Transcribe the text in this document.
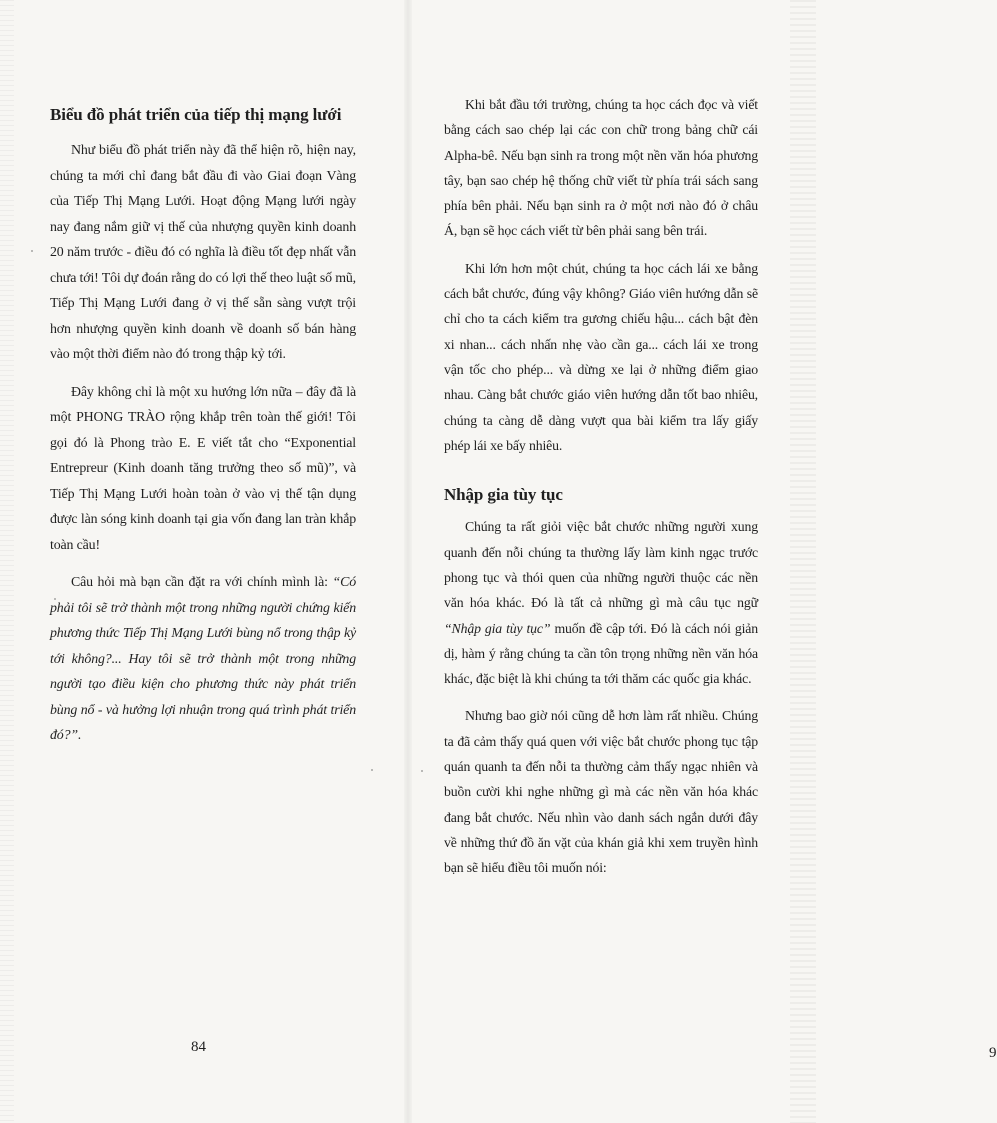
Biểu đồ phát triển của tiếp thị mạng lưới

Như biểu đồ phát triển này đã thể hiện rõ, hiện nay, chúng ta mới chỉ đang bắt đầu đi vào Giai đoạn Vàng của Tiếp Thị Mạng Lưới. Hoạt động Mạng lưới ngày nay đang nắm giữ vị thế của nhượng quyền kinh doanh 20 năm trước - điều đó có nghĩa là điều tốt đẹp nhất vẫn chưa tới! Tôi dự đoán rằng do có lợi thế theo luật số mũ, Tiếp Thị Mạng Lưới đang ở vị thế sẵn sàng vượt trội hơn nhượng quyền kinh doanh về doanh số bán hàng vào một thời điểm nào đó trong thập kỷ tới.

Đây không chỉ là một xu hướng lớn nữa – đây đã là một PHONG TRÀO rộng khắp trên toàn thế giới! Tôi gọi đó là Phong trào E. E viết tắt cho “Exponential Entrepreur (Kinh doanh tăng trưởng theo số mũ)”, và Tiếp Thị Mạng Lưới hoàn toàn ở vào vị thế tận dụng được làn sóng kinh doanh tại gia vốn đang lan tràn khắp toàn cầu!

Câu hỏi mà bạn cần đặt ra với chính mình là: “Có phải tôi sẽ trở thành một trong những người chứng kiến phương thức Tiếp Thị Mạng Lưới bùng nổ trong thập kỷ tới không?... Hay tôi sẽ trở thành một trong những người tạo điều kiện cho phương thức này phát triển bùng nổ - và hưởng lợi nhuận trong quá trình phát triển đó?”.

84

Khi bắt đầu tới trường, chúng ta học cách đọc và viết bằng cách sao chép lại các con chữ trong bảng chữ cái Alpha-bê. Nếu bạn sinh ra trong một nền văn hóa phương tây, bạn sao chép hệ thống chữ viết từ phía trái sách sang phía bên phải. Nếu bạn sinh ra ở một nơi nào đó ở châu Á, bạn sẽ học cách viết từ bên phải sang bên trái.

Khi lớn hơn một chút, chúng ta học cách lái xe bằng cách bắt chước, đúng vậy không? Giáo viên hướng dẫn sẽ chỉ cho ta cách kiểm tra gương chiếu hậu... cách bật đèn xi nhan... cách nhấn nhẹ vào cần ga... cách lái xe trong vận tốc cho phép... và dừng xe lại ở những điểm giao nhau. Càng bắt chước giáo viên hướng dẫn tốt bao nhiêu, chúng ta càng dễ dàng vượt qua bài kiểm tra lấy giấy phép lái xe bấy nhiêu.

Nhập gia tùy tục

Chúng ta rất giỏi việc bắt chước những người xung quanh đến nỗi chúng ta thường lấy làm kinh ngạc trước phong tục và thói quen của những người thuộc các nền văn hóa khác. Đó là tất cả những gì mà câu tục ngữ “Nhập gia tùy tục” muốn đề cập tới. Đó là cách nói giản dị, hàm ý rằng chúng ta cần tôn trọng những nền văn hóa khác, đặc biệt là khi chúng ta tới thăm các quốc gia khác.

Nhưng bao giờ nói cũng dễ hơn làm rất nhiều. Chúng ta đã cảm thấy quá quen với việc bắt chước phong tục tập quán quanh ta đến nỗi ta thường cảm thấy ngạc nhiên và buồn cười khi nghe những gì mà các nền văn hóa khác đang bắt chước. Nếu nhìn vào danh sách ngắn dưới đây về những thứ đồ ăn vặt của khán giả khi xem truyền hình bạn sẽ hiểu điều tôi muốn nói:

9
